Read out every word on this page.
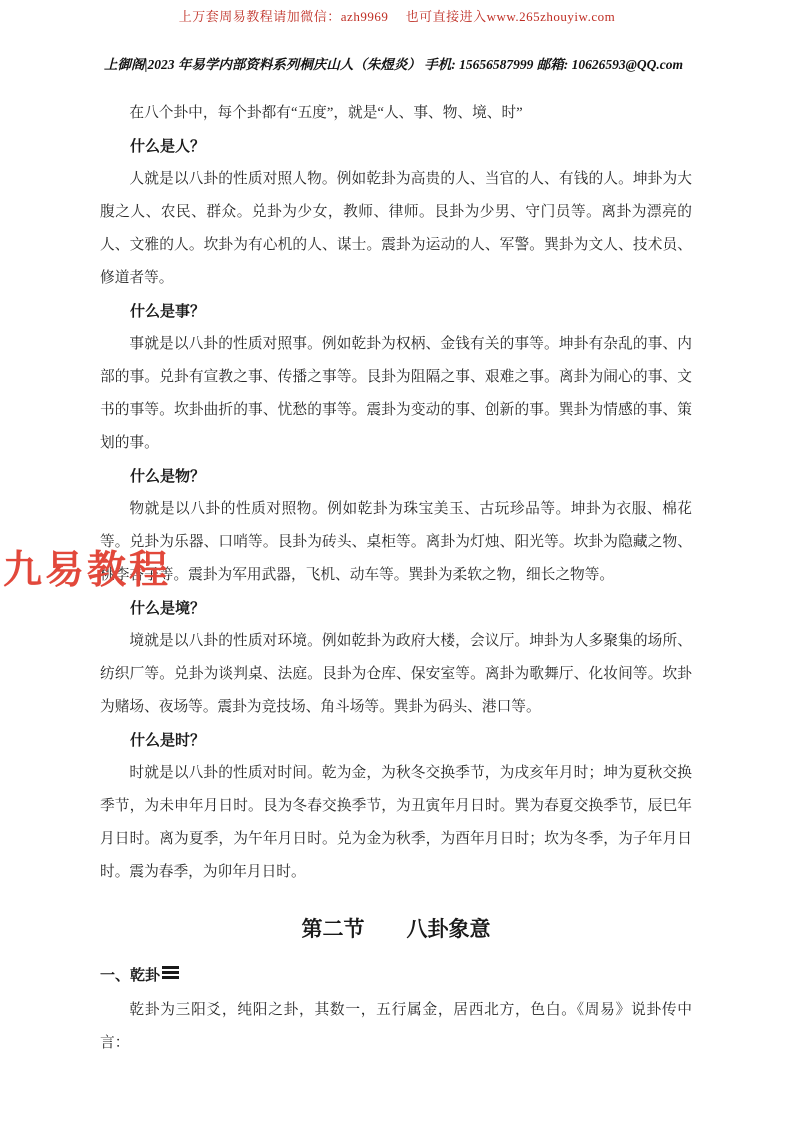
上万套周易教程请加微信：azh9969　 也可直接进入www.265zhouyiw.com
上御阁|2023 年易学内部资料系列 桐庆山人（朱煜炎） 手机: 15656587999 邮箱: 10626593@QQ.com

在八个卦中，每个卦都有“五度”，就是“人、事、物、境、时”

什么是人？

人就是以八卦的性质对照人物。例如乾卦为高贵的人、当官的人、有钱的人。坤卦为大腹之人、农民、群众。兑卦为少女，教师、律师。艮卦为少男、守门员等。离卦为漂亮的人、文雅的人。坎卦为有心机的人、谋士。震卦为运动的人、军警。巽卦为文人、技术员、修道者等。

什么是事？

事就是以八卦的性质对照事。例如乾卦为权柄、金钱有关的事等。坤卦有杂乱的事、内部的事。兑卦有宣教之事、传播之事等。艮卦为阻隔之事、艰难之事。离卦为闹心的事、文书的事等。坎卦曲折的事、忧愁的事等。震卦为变动的事、创新的事。巽卦为情感的事、策划的事。

什么是物？

物就是以八卦的性质对照物。例如乾卦为珠宝美玉、古玩珍品等。坤卦为衣服、棉花等。兑卦为乐器、口哨等。艮卦为砖头、桌柜等。离卦为灯烛、阳光等。坎卦为隐藏之物、桃李杏子等。震卦为军用武器，飞机、动车等。巽卦为柔软之物，细长之物等。

什么是境？

境就是以八卦的性质对环境。例如乾卦为政府大楼，会议厅。坤卦为人多聚集的场所、纺织厂等。兑卦为谈判桌、法庭。艮卦为仓库、保安室等。离卦为歌舞厅、化妆间等。坎卦为赌场、夜场等。震卦为竞技场、角斗场等。巽卦为码头、港口等。

什么是时？

时就是以八卦的性质对时间。乾为金，为秋冬交换季节，为戌亥年月时；坤为夏秋交换季节，为未申年月日时。艮为冬春交换季节，为丑寅年月日时。巽为春夏交换季节，辰巳年月日时。离为夏季，为午年月日时。兑为金为秋季，为酉年月日时；坎为冬季，为子年月日时。震为春季，为卯年月日时。

第二节　　八卦象意
一、乾卦

乾卦为三阳爻，纯阳之卦，其数一，五行属金，居西北方，色白。《周易》说卦传中言：

九易教程
